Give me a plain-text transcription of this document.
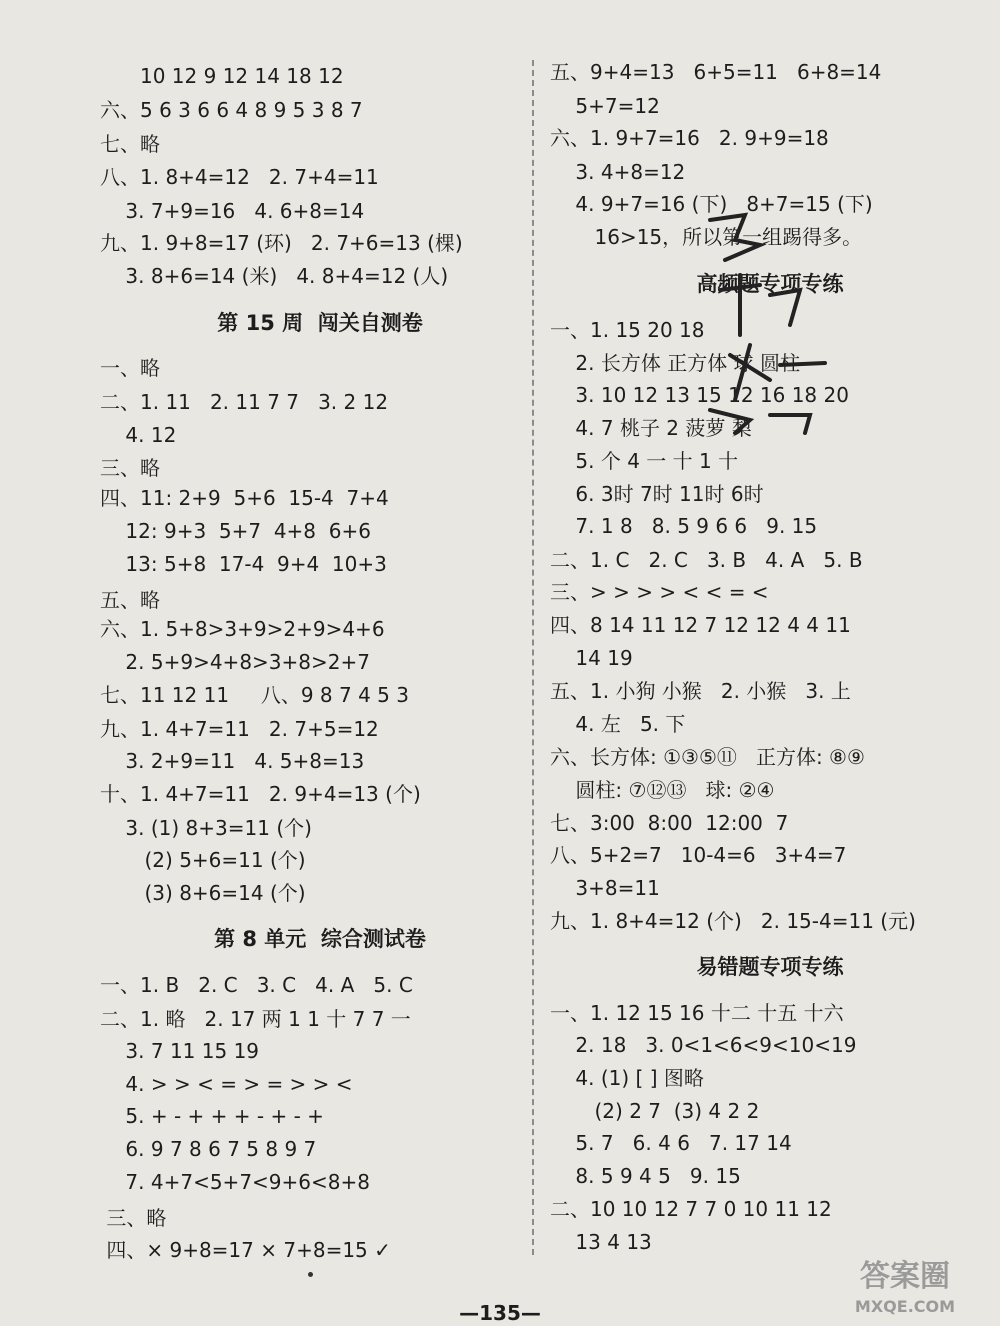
10 12 9 12 14 18 12
六、5 6 3 6 6 4 8 9 5 3 8 7
七、略
八、1. 8+4=12   2. 7+4=11
3. 7+9=16   4. 6+8=14
九、1. 9+8=17 (环)   2. 7+6=13 (棵)
3. 8+6=14 (米)   4. 8+4=12 (人)
第 15 周  闯关自测卷
一、略
二、1. 11   2. 11 7 7   3. 2 12
4. 12
三、略
四、11: 2+9  5+6  15-4  7+4
12: 9+3  5+7  4+8  6+6
13: 5+8  17-4  9+4  10+3
五、略
六、1. 5+8>3+9>2+9>4+6
2. 5+9>4+8>3+8>2+7
七、11 12 11     八、9 8 7 4 5 3
九、1. 4+7=11   2. 7+5=12
3. 2+9=11   4. 5+8=13
十、1. 4+7=11   2. 9+4=13 (个)
3. (1) 8+3=11 (个)
(2) 5+6=11 (个)
(3) 8+6=14 (个)
第 8 单元  综合测试卷
一、1. B   2. C   3. C   4. A   5. C
二、1. 略   2. 17 两 1 1 十 7 7 一
3. 7 11 15 19
4. > > < = > = > > <
5. + - + + + - + - +
6. 9 7 8 6 7 5 8 9 7
7. 4+7<5+7<9+6<8+8
三、略
四、× 9+8=17 × 7+8=15 ✓
五、9+4=13   6+5=11   6+8=14
5+7=12
六、1. 9+7=16   2. 9+9=18
3. 4+8=12
4. 9+7=16 (下)   8+7=15 (下)
16>15，所以第一组踢得多。
高频题专项专练
一、1. 15 20 18
2. 长方体 正方体 球 圆柱
3. 10 12 13 15 12 16 18 20
4. 7 桃子 2 菠萝 梨
5. 个 4 一 十 1 十
6. 3时 7时 11时 6时
7. 1 8   8. 5 9 6 6   9. 15
二、1. C   2. C   3. B   4. A   5. B
三、> > > > < < = <
四、8 14 11 12 7 12 12 4 4 11
14 19
五、1. 小狗 小猴   2. 小猴   3. 上
4. 左   5. 下
六、长方体: ①③⑤⑪   正方体: ⑧⑨
圆柱: ⑦⑫⑬   球: ②④
七、3:00  8:00  12:00  7
八、5+2=7   10-4=6   3+4=7
3+8=11
九、1. 8+4=12 (个)   2. 15-4=11 (元)
易错题专项专练
一、1. 12 15 16 十二 十五 十六
2. 18   3. 0<1<6<9<10<19
4. (1) [ ] 图略
(2) 2 7  (3) 4 2 2
5. 7   6. 4 6   7. 17 14
8. 5 9 4 5   9. 15
二、10 10 12 7 7 0 10 11 12
13 4 13
—135—
答案圈
MXQE.COM
